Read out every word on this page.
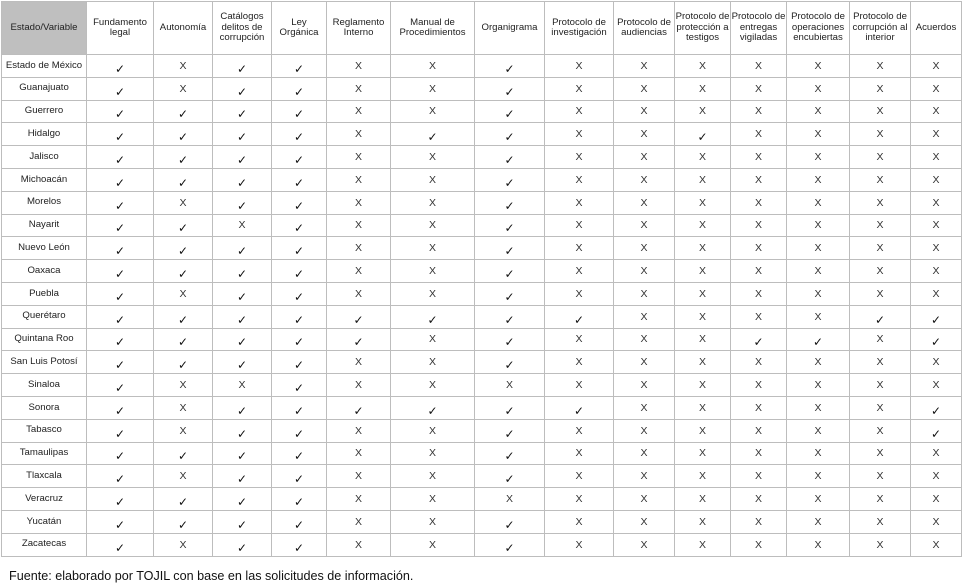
Estado/Variable	Fundamento legal	Autonomía	Catálogos delitos de corrupción	Ley Orgánica	Reglamento Interno	Manual de Procedimientos	Organigrama	Protocolo de investigación	Protocolo de audiencias	Protocolo de protección a testigos	Protocolo de entregas vigiladas	Protocolo de operaciones encubiertas	Protocolo de corrupción al interior	Acuerdos
Estado de México	✓	X	✓	✓	X	X	✓	X	X	X	X	X	X	X
Guanajuato	✓	X	✓	✓	X	X	✓	X	X	X	X	X	X	X
Guerrero	✓	✓	✓	✓	X	X	✓	X	X	X	X	X	X	X
Hidalgo	✓	✓	✓	✓	X	✓	✓	X	X	✓	X	X	X	X
Jalisco	✓	✓	✓	✓	X	X	✓	X	X	X	X	X	X	X
Michoacán	✓	✓	✓	✓	X	X	✓	X	X	X	X	X	X	X
Morelos	✓	X	✓	✓	X	X	✓	X	X	X	X	X	X	X
Nayarit	✓	✓	X	✓	X	X	✓	X	X	X	X	X	X	X
Nuevo León	✓	✓	✓	✓	X	X	✓	X	X	X	X	X	X	X
Oaxaca	✓	✓	✓	✓	X	X	✓	X	X	X	X	X	X	X
Puebla	✓	X	✓	✓	X	X	✓	X	X	X	X	X	X	X
Querétaro	✓	✓	✓	✓	✓	✓	✓	✓	X	X	X	X	✓	✓
Quintana Roo	✓	✓	✓	✓	✓	X	✓	X	X	X	✓	✓	X	✓
San Luis Potosí	✓	✓	✓	✓	X	X	✓	X	X	X	X	X	X	X
Sinaloa	✓	X	X	✓	X	X	X	X	X	X	X	X	X	X
Sonora	✓	X	✓	✓	✓	✓	✓	✓	X	X	X	X	X	✓
Tabasco	✓	X	✓	✓	X	X	✓	X	X	X	X	X	X	✓
Tamaulipas	✓	✓	✓	✓	X	X	✓	X	X	X	X	X	X	X
Tlaxcala	✓	X	✓	✓	X	X	✓	X	X	X	X	X	X	X
Veracruz	✓	✓	✓	✓	X	X	X	X	X	X	X	X	X	X
Yucatán	✓	✓	✓	✓	X	X	✓	X	X	X	X	X	X	X
Zacatecas	✓	X	✓	✓	X	X	✓	X	X	X	X	X	X	X
Fuente: elaborado por TOJIL con base en las solicitudes de información.
